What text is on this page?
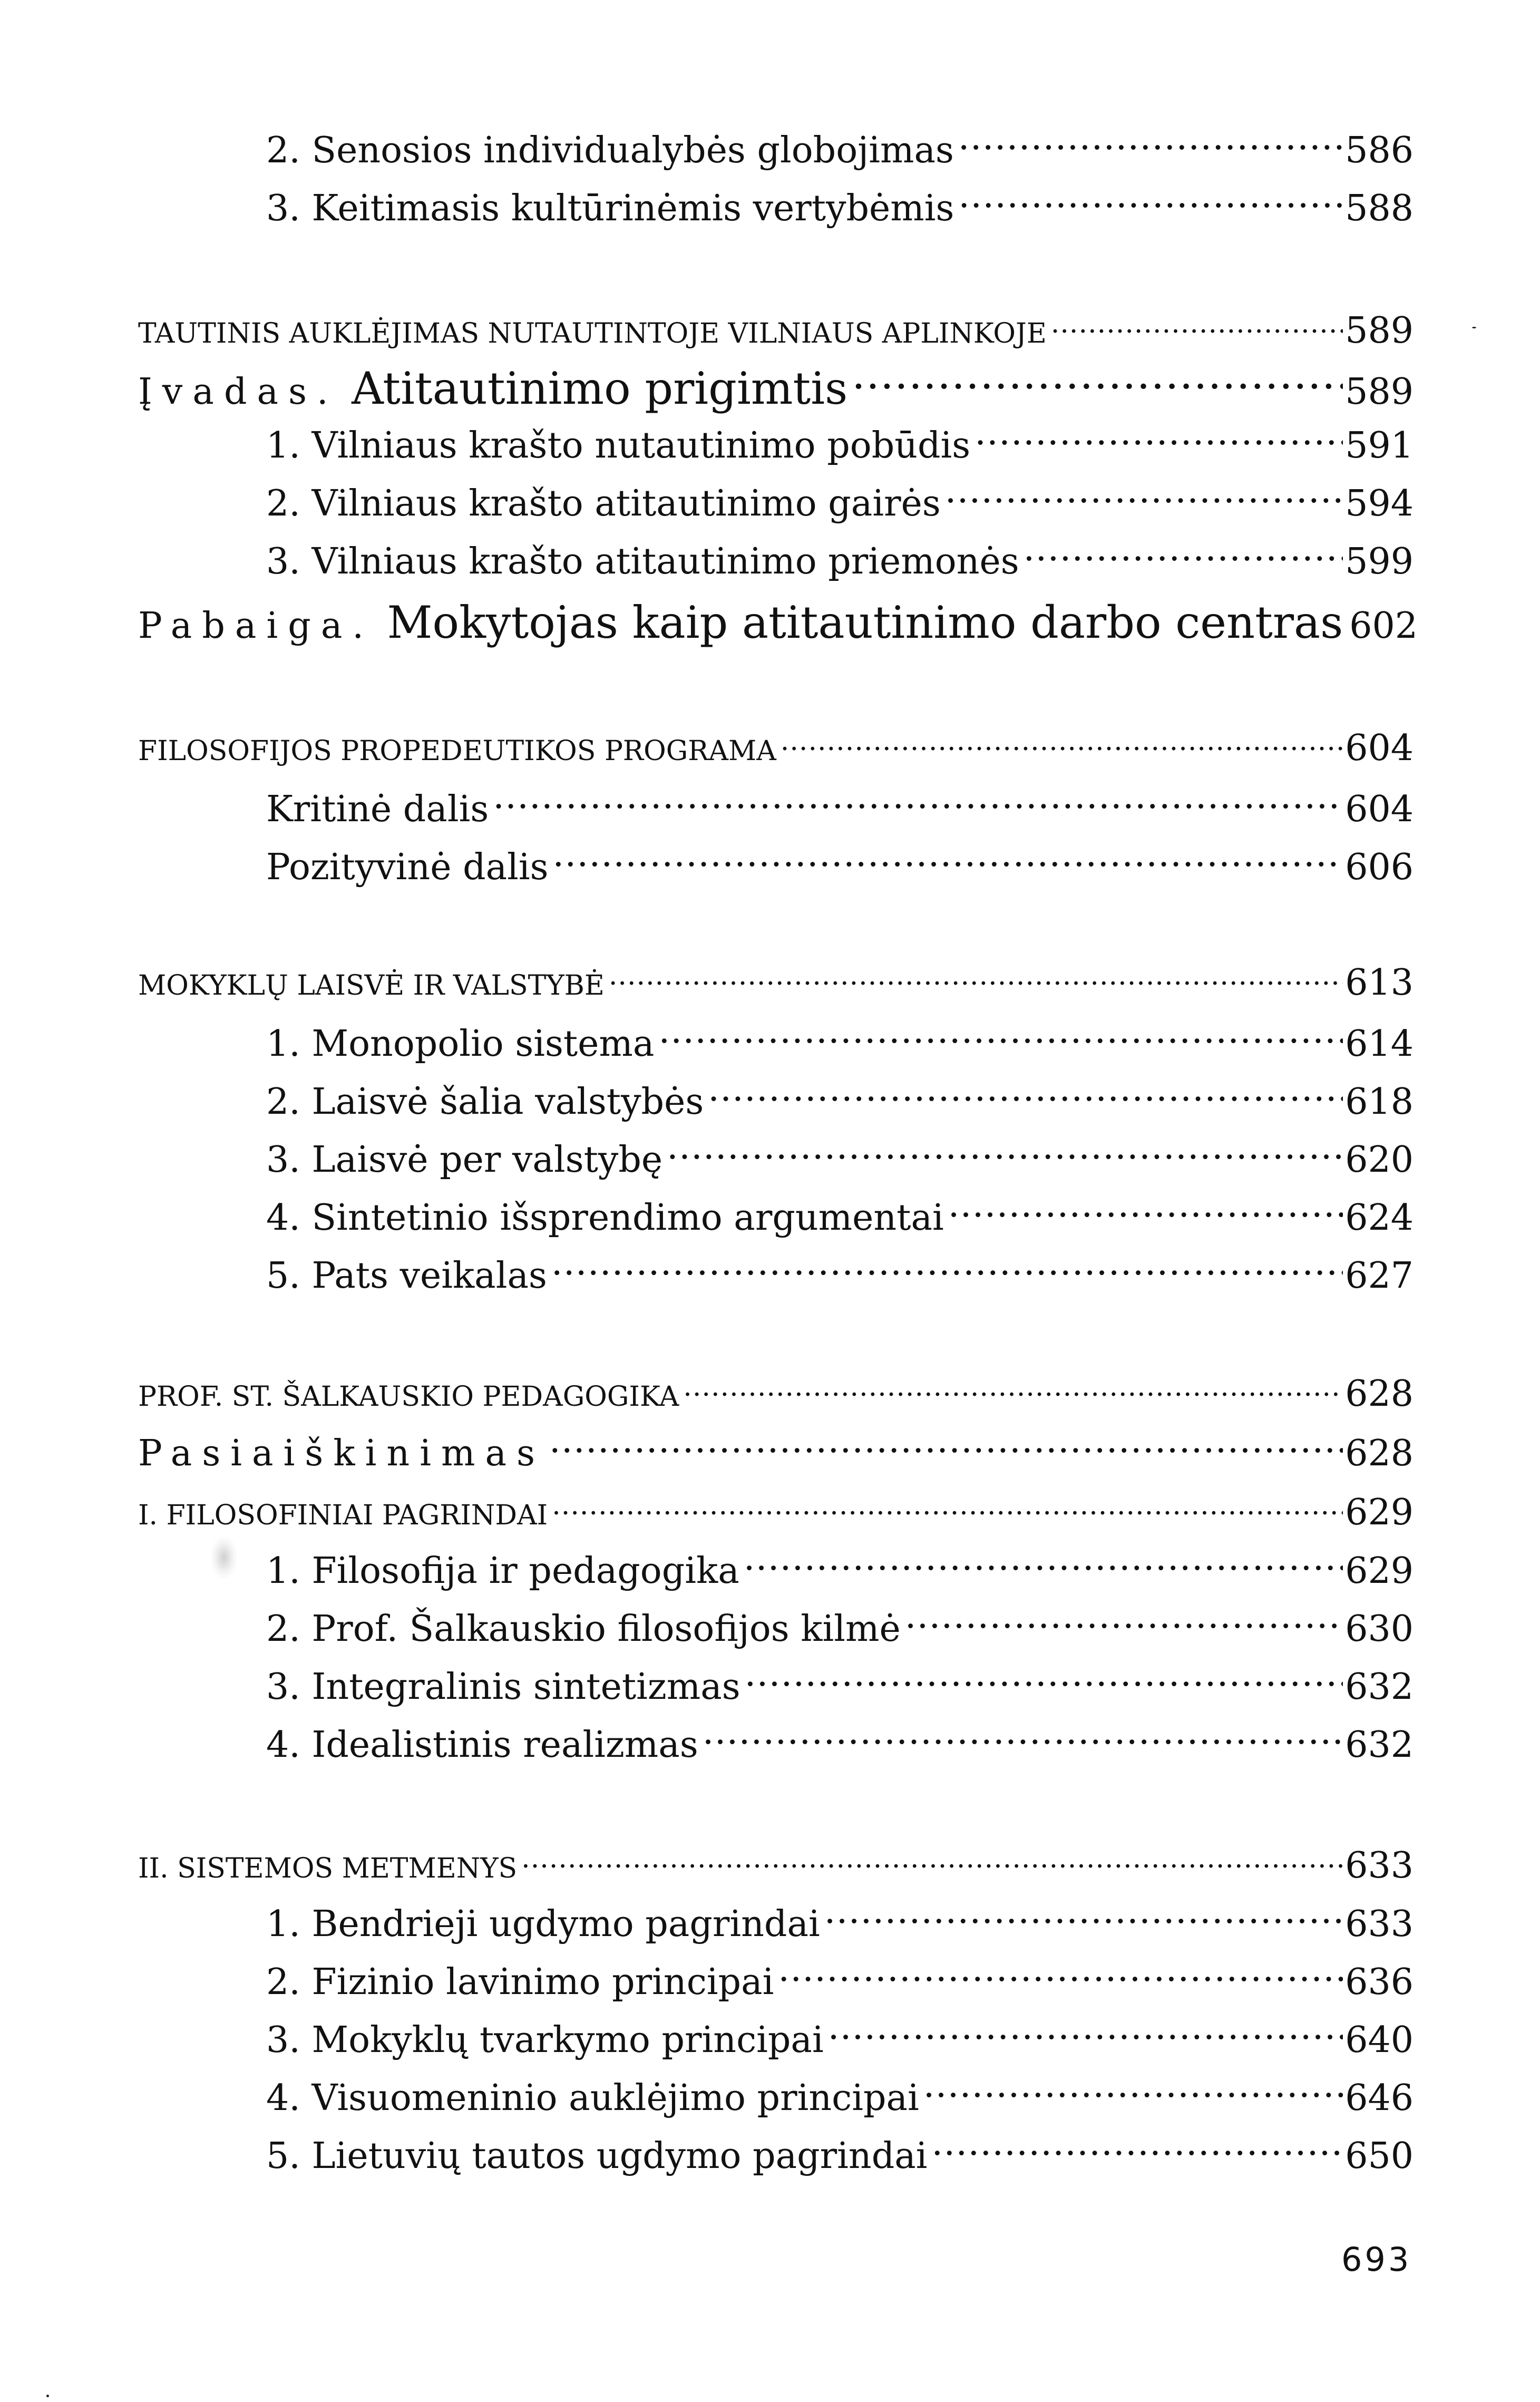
2. Senosios individualybės globojimas .....	586
3. Keitimasis kultūrinėmis vertybėmis .....	588
TAUTINIS AUKLĖJIMAS NUTAUTINTOJE VILNIAUS APLINKOJE .....	589
Įvadas. Atitautinimo prigimtis .....	589
1. Vilniaus krašto nutautinimo pobūdis .....	591
2. Vilniaus krašto atitautinimo gairės .....	594
3. Vilniaus krašto atitautinimo priemonės .....	599
Pabaiga. Mokytojas kaip atitautinimo darbo centras 602
FILOSOFIJOS PROPEDEUTIKOS PROGRAMA .....	604
Kritinė dalis .....	604
Pozityvinė dalis .....	606
MOKYKLŲ LAISVĖ IR VALSTYBĖ .....	613
1. Monopolio sistema .....	614
2. Laisvė šalia valstybės .....	618
3. Laisvė per valstybę .....	620
4. Sintetinio išsprendimo argumentai .....	624
5. Pats veikalas .....	627
PROF. ST. ŠALKAUSKIO PEDAGOGIKA .....	628
Pasiaiškinimas .....	628
I. FILOSOFINIAI PAGRINDAI .....	629
1. Filosofija ir pedagogika .....	629
2. Prof. Šalkauskio filosofijos kilmė .....	630
3. Integralinis sintetizmas .....	632
4. Idealistinis realizmas .....	632
II. SISTEMOS METMENYS .....	633
1. Bendrieji ugdymo pagrindai .....	633
2. Fizinio lavinimo principai .....	636
3. Mokyklų tvarkymo principai .....	640
4. Visuomeninio auklėjimo principai .....	646
5. Lietuvių tautos ugdymo pagrindai .....	650
693
